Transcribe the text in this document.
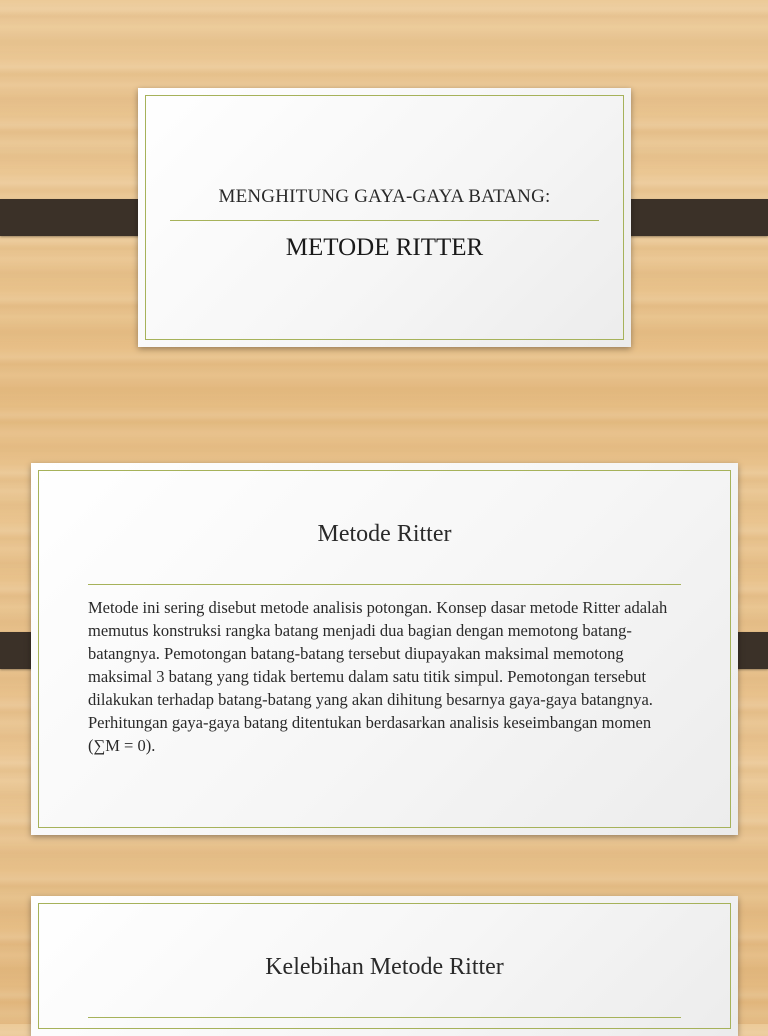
MENGHITUNG GAYA-GAYA BATANG:
METODE RITTER
Metode Ritter

Metode ini sering disebut metode analisis potongan. Konsep dasar metode Ritter adalah memutus konstruksi rangka batang menjadi dua bagian dengan memotong batang-batangnya. Pemotongan batang-batang tersebut diupayakan maksimal memotong maksimal 3 batang yang tidak bertemu dalam satu titik simpul. Pemotongan tersebut dilakukan terhadap batang-batang yang akan dihitung besarnya gaya-gaya batangnya. Perhitungan gaya-gaya batang ditentukan berdasarkan analisis keseimbangan momen (∑M = 0).

Kelebihan Metode Ritter
